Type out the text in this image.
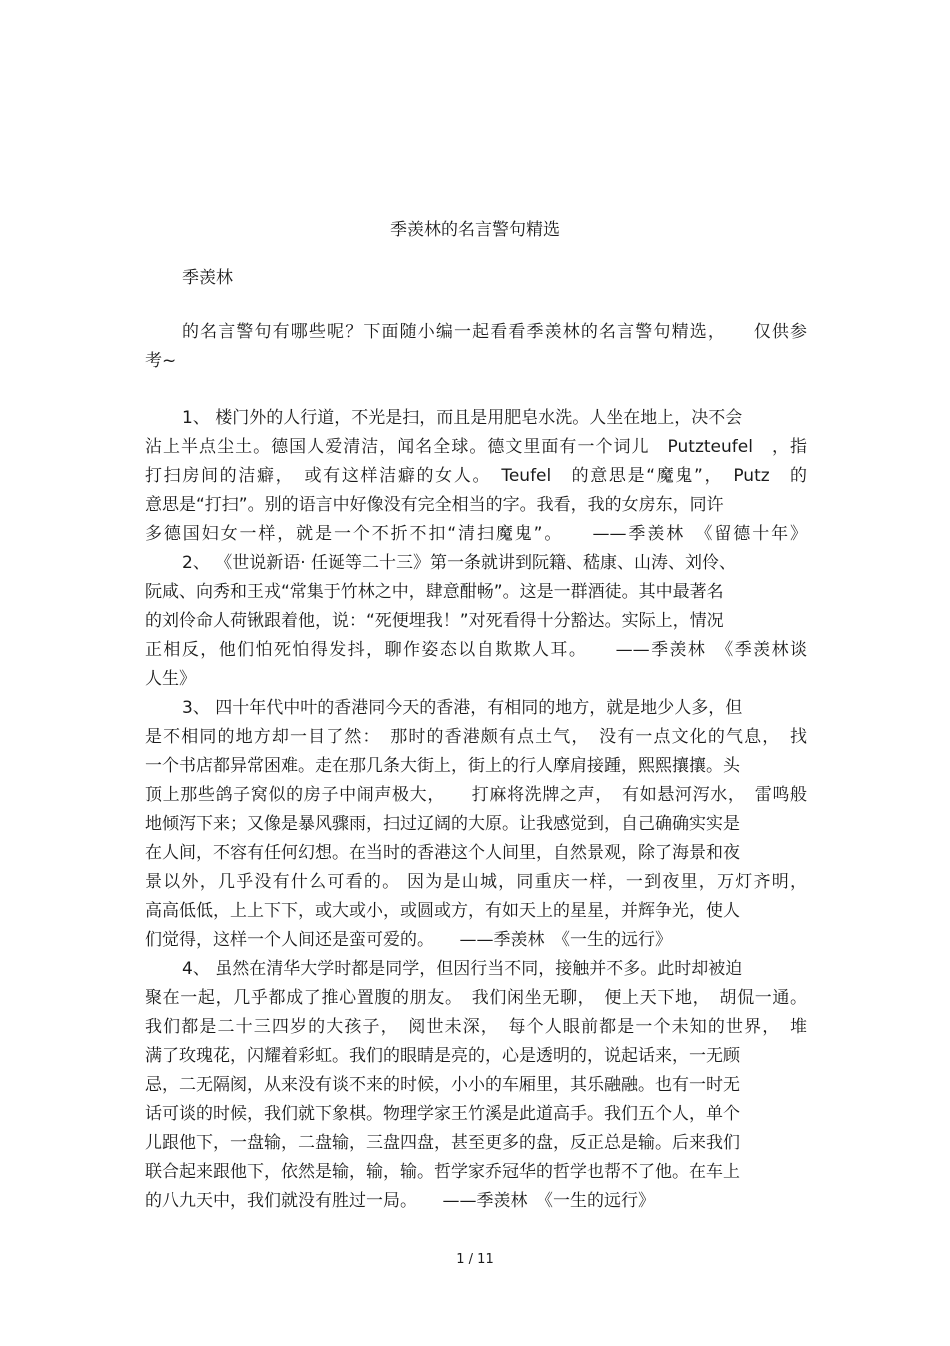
季羡林的名言警句精选
季羡林
的名言警句有哪些呢？下面随小编一起看看季羡林的名言警句精选，　　仅供参
考~
1、 楼门外的人行道，不光是扫，而且是用肥皂水洗。人坐在地上，决不会
沾上半点尘土。德国人爱清洁，闻名全球。德文里面有一个词儿　Putzteufel　，指
打扫房间的洁癖，　或有这样洁癖的女人。　Teufel　的意思是“魔鬼”，　Putz　的
意思是“打扫”。别的语言中好像没有完全相当的字。我看，我的女房东，同许
多德国妇女一样，就是一个不折不扣“清扫魔鬼”。　　——季羡林　《留德十年》
2、 《世说新语· 任诞等二十三》第一条就讲到阮籍、嵇康、山涛、刘伶、
阮咸、向秀和王戎“常集于竹林之中，肆意酣畅”。这是一群酒徒。其中最著名
的刘伶命人荷锹跟着他，说：“死便埋我！”对死看得十分豁达。实际上，情况
正相反，他们怕死怕得发抖，聊作姿态以自欺欺人耳。　　——季羡林　《季羡林谈
人生》
3、 四十年代中叶的香港同今天的香港，有相同的地方，就是地少人多，但
是不相同的地方却一目了然：　那时的香港颇有点土气，　没有一点文化的气息，　找
一个书店都异常困难。走在那几条大街上，街上的行人摩肩接踵，熙熙攘攘。头
顶上那些鸽子窝似的房子中闹声极大，　　打麻将洗牌之声，　有如悬河泻水，　雷鸣般
地倾泻下来；又像是暴风骤雨，扫过辽阔的大原。让我感觉到，自己确确实实是
在人间，不容有任何幻想。在当时的香港这个人间里，自然景观，除了海景和夜
景以外，几乎没有什么可看的。 因为是山城，同重庆一样，一到夜里，万灯齐明，
高高低低，上上下下，或大或小，或圆或方，有如天上的星星，并辉争光，使人
们觉得，这样一个人间还是蛮可爱的。　　——季羡林　《一生的远行》
4、 虽然在清华大学时都是同学，但因行当不同，接触并不多。此时却被迫
聚在一起，几乎都成了推心置腹的朋友。　我们闲坐无聊，　便上天下地，　胡侃一通。
我们都是二十三四岁的大孩子，　阅世未深，　每个人眼前都是一个未知的世界，　堆
满了玫瑰花，闪耀着彩虹。我们的眼睛是亮的，心是透明的，说起话来，一无顾
忌，二无隔阂，从来没有谈不来的时候，小小的车厢里，其乐融融。也有一时无
话可谈的时候，我们就下象棋。物理学家王竹溪是此道高手。我们五个人，单个
儿跟他下，一盘输，二盘输，三盘四盘，甚至更多的盘，反正总是输。后来我们
联合起来跟他下，依然是输，输，输。哲学家乔冠华的哲学也帮不了他。在车上
的八九天中，我们就没有胜过一局。　　——季羡林　《一生的远行》
1 / 11
